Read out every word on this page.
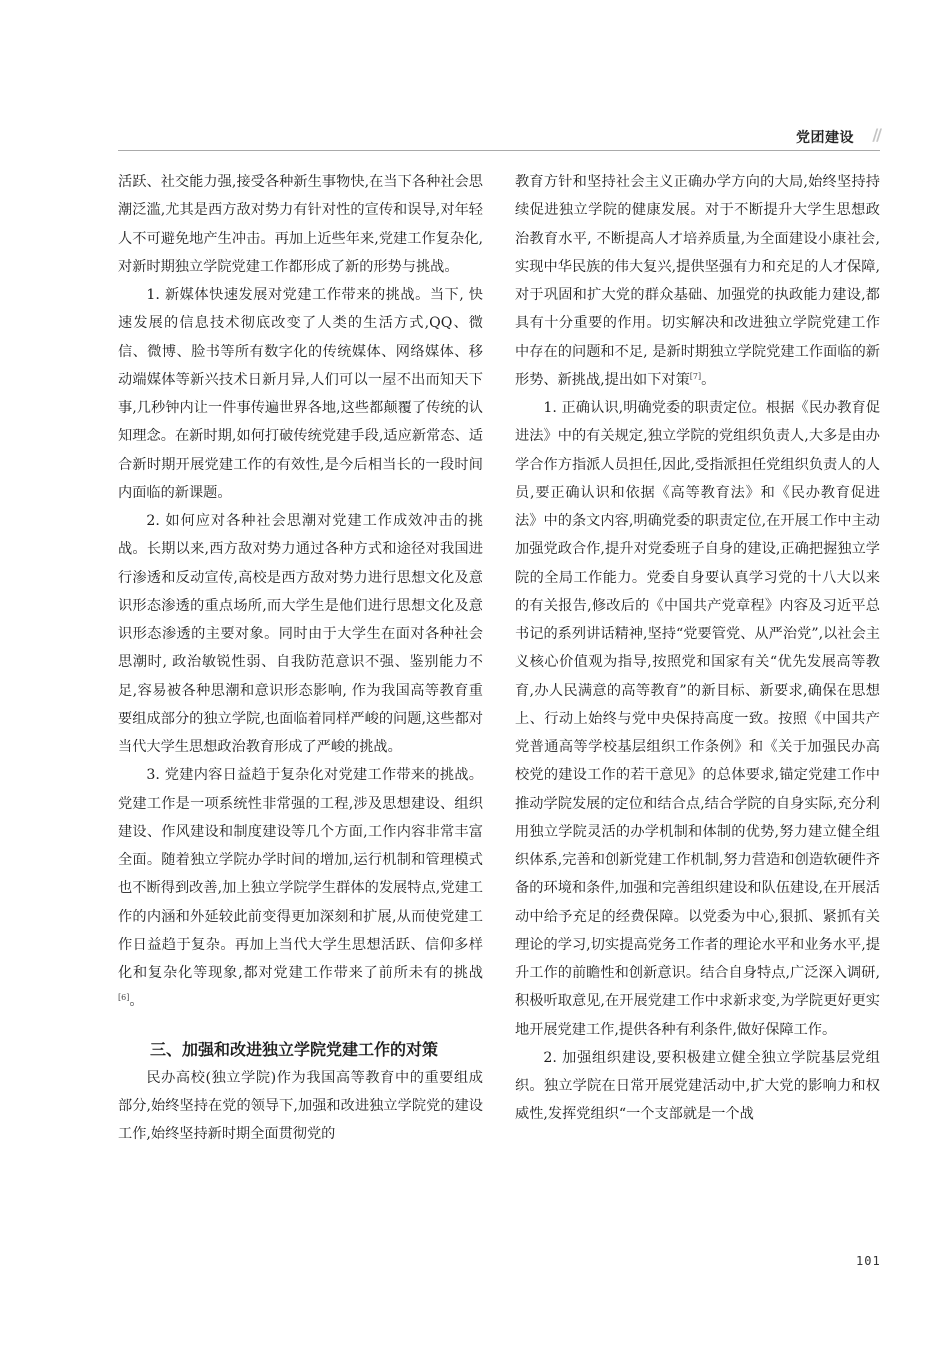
党团建设 //

活跃、社交能力强,接受各种新生事物快,在当下各种社会思潮泛滥,尤其是西方敌对势力有针对性的宣传和误导,对年轻人不可避免地产生冲击。再加上近些年来,党建工作复杂化,对新时期独立学院党建工作都形成了新的形势与挑战。

1. 新媒体快速发展对党建工作带来的挑战。当下, 快速发展的信息技术彻底改变了人类的生活方式,QQ、微信、微博、脸书等所有数字化的传统媒体、网络媒体、移动端媒体等新兴技术日新月异,人们可以一屋不出而知天下事,几秒钟内让一件事传遍世界各地,这些都颠覆了传统的认知理念。在新时期,如何打破传统党建手段,适应新常态、适合新时期开展党建工作的有效性,是今后相当长的一段时间内面临的新课题。

2. 如何应对各种社会思潮对党建工作成效冲击的挑战。长期以来,西方敌对势力通过各种方式和途径对我国进行渗透和反动宣传,高校是西方敌对势力进行思想文化及意识形态渗透的重点场所,而大学生是他们进行思想文化及意识形态渗透的主要对象。同时由于大学生在面对各种社会思潮时, 政治敏锐性弱、自我防范意识不强、鉴别能力不足,容易被各种思潮和意识形态影响, 作为我国高等教育重要组成部分的独立学院,也面临着同样严峻的问题,这些都对当代大学生思想政治教育形成了严峻的挑战。

3. 党建内容日益趋于复杂化对党建工作带来的挑战。党建工作是一项系统性非常强的工程,涉及思想建设、组织建设、作风建设和制度建设等几个方面,工作内容非常丰富全面。随着独立学院办学时间的增加,运行机制和管理模式也不断得到改善,加上独立学院学生群体的发展特点,党建工作的内涵和外延较此前变得更加深刻和扩展,从而使党建工作日益趋于复杂。再加上当代大学生思想活跃、信仰多样化和复杂化等现象,都对党建工作带来了前所未有的挑战[6]。

三、加强和改进独立学院党建工作的对策

民办高校(独立学院)作为我国高等教育中的重要组成部分,始终坚持在党的领导下,加强和改进独立学院党的建设工作,始终坚持新时期全面贯彻党的

教育方针和坚持社会主义正确办学方向的大局,始终坚持持续促进独立学院的健康发展。对于不断提升大学生思想政治教育水平, 不断提高人才培养质量,为全面建设小康社会,实现中华民族的伟大复兴,提供坚强有力和充足的人才保障,对于巩固和扩大党的群众基础、加强党的执政能力建设,都具有十分重要的作用。切实解决和改进独立学院党建工作中存在的问题和不足, 是新时期独立学院党建工作面临的新形势、新挑战,提出如下对策[7]。

1. 正确认识,明确党委的职责定位。根据《民办教育促进法》中的有关规定,独立学院的党组织负责人,大多是由办学合作方指派人员担任,因此,受指派担任党组织负责人的人员,要正确认识和依据《高等教育法》和《民办教育促进法》中的条文内容,明确党委的职责定位,在开展工作中主动加强党政合作,提升对党委班子自身的建设,正确把握独立学院的全局工作能力。党委自身要认真学习党的十八大以来的有关报告,修改后的《中国共产党章程》内容及习近平总书记的系列讲话精神,坚持“党要管党、从严治党”,以社会主义核心价值观为指导,按照党和国家有关“优先发展高等教育,办人民满意的高等教育”的新目标、新要求,确保在思想上、行动上始终与党中央保持高度一致。按照《中国共产党普通高等学校基层组织工作条例》和《关于加强民办高校党的建设工作的若干意见》的总体要求,锚定党建工作中推动学院发展的定位和结合点,结合学院的自身实际,充分利用独立学院灵活的办学机制和体制的优势,努力建立健全组织体系,完善和创新党建工作机制,努力营造和创造软硬件齐备的环境和条件,加强和完善组织建设和队伍建设,在开展活动中给予充足的经费保障。以党委为中心,狠抓、紧抓有关理论的学习,切实提高党务工作者的理论水平和业务水平,提升工作的前瞻性和创新意识。结合自身特点,广泛深入调研,积极听取意见,在开展党建工作中求新求变,为学院更好更实地开展党建工作,提供各种有利条件,做好保障工作。

2. 加强组织建设,要积极建立健全独立学院基层党组织。独立学院在日常开展党建活动中,扩大党的影响力和权威性,发挥党组织“一个支部就是一个战

101
